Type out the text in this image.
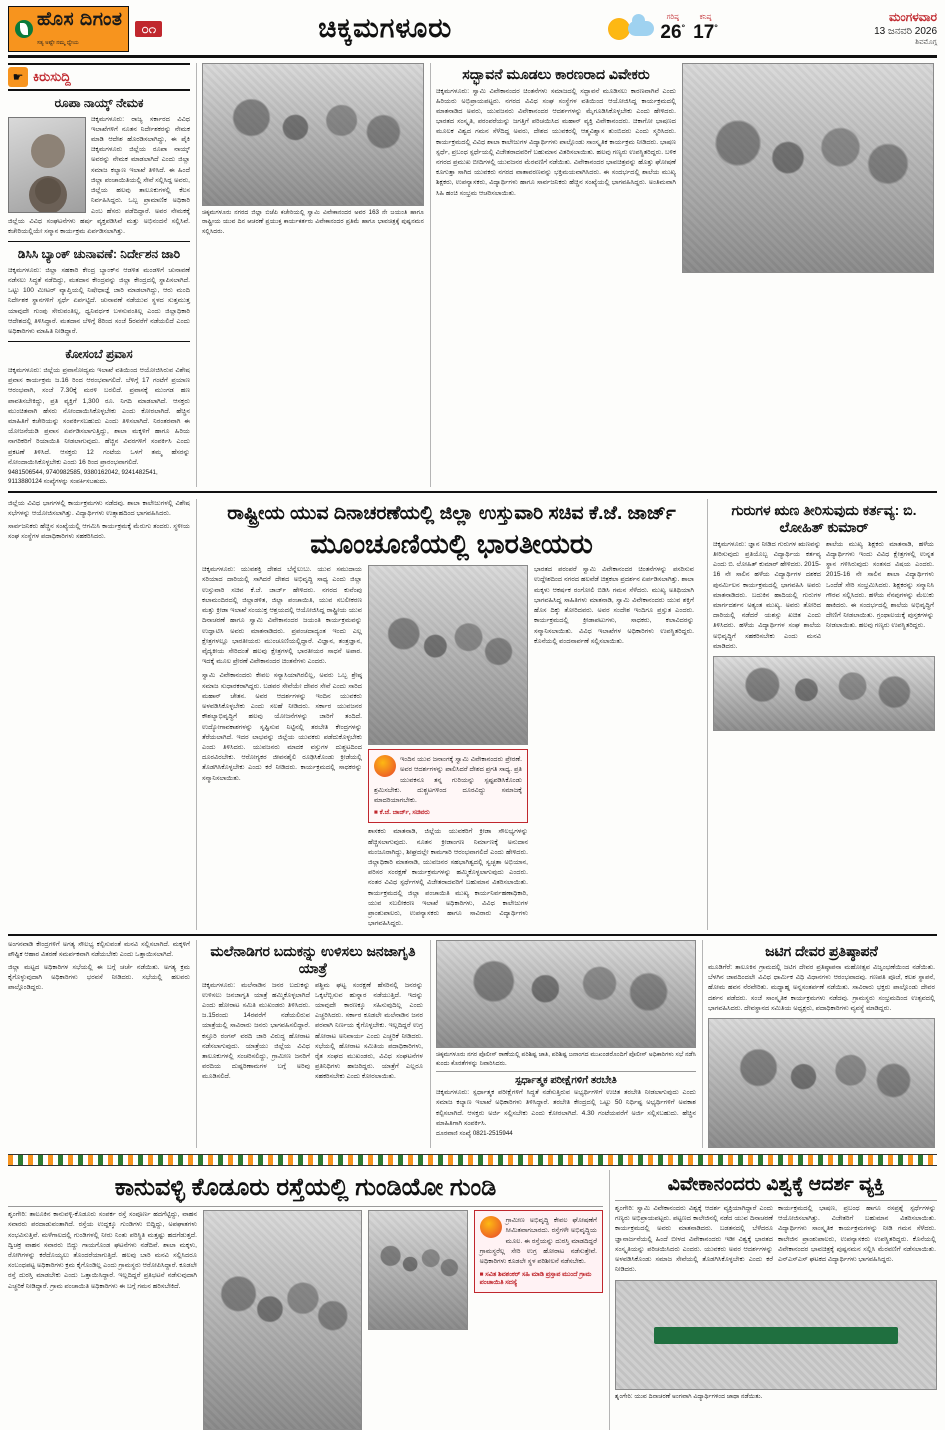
ಹೊಸ ದಿಗಂತ
ಸತ್ಯ ಅಷ್ಟೇ ನಮ್ಮ ಧ್ಯೇಯ
೦೧	ಚಿಕ್ಕಮಗಳೂರು	ಗರಿಷ್ಠ
26°
ಕನಿಷ್ಠ
17°
ಮಂಗಳವಾರ
13 ಜನವರಿ 2026
ಶಿವಮೊಗ್ಗ
☛ ಕಿರುಸುದ್ದಿ
ರೂಪಾ ನಾಯ್ಕ್ ನೇಮಕ
ಚಿಕ್ಕಮಗಳೂರು: ರಾಜ್ಯ ಸರ್ಕಾರದ ವಿವಿಧ ಇಲಾಖೆಗಳಿಗೆ ನೂತನ ನಿರ್ದೇಶಕರನ್ನು ನೇಮಕ ಮಾಡಿ ಆದೇಶ ಹೊರಡಿಸಲಾಗಿದ್ದು, ಈ ಪೈಕಿ ಚಿಕ್ಕಮಗಳೂರು ಜಿಲ್ಲೆಯ ರೂಪಾ ನಾಯ್ಕ್ ಅವರನ್ನು ನೇಮಕ ಮಾಡಲಾಗಿದೆ ಎಂದು ಜಿಲ್ಲಾ ಸಮಾಜ ಕಲ್ಯಾಣ ಇಲಾಖೆ ತಿಳಿಸಿದೆ. ಈ ಹಿಂದೆ ಜಿಲ್ಲಾ ಪಂಚಾಯಿತಿಯಲ್ಲಿ ಸೇವೆ ಸಲ್ಲಿಸಿದ್ದ ಅವರು, ಜಿಲ್ಲೆಯ ಹಲವು ತಾಲೂಕುಗಳಲ್ಲಿ ಕೆಲಸ ನಿರ್ವಹಿಸಿದ್ದರು. ಒಬ್ಬ ಪ್ರಾಮಾಣಿಕ ಅಧಿಕಾರಿ ಎಂಬ ಹೆಸರು ಪಡೆದಿದ್ದಾರೆ. ಅವರ ನೇಮಕಕ್ಕೆ ಜಿಲ್ಲೆಯ ವಿವಿಧ ಸಂಘಟನೆಗಳು ಹರ್ಷ ವ್ಯಕ್ತಪಡಿಸಿವೆ ಮತ್ತು ಅಭಿನಂದನೆ ಸಲ್ಲಿಸಿವೆ. ಕಚೇರಿಯಲ್ಲಿಯೇ ಸನ್ಮಾನ ಕಾರ್ಯಕ್ರಮ ಏರ್ಪಡಿಸಲಾಗಿತ್ತು.
ಡಿಸಿಸಿ ಬ್ಯಾಂಕ್ ಚುನಾವಣೆ: ನಿರ್ದೇಶನ ಜಾರಿ
ಚಿಕ್ಕಮಗಳೂರು: ಜಿಲ್ಲಾ ಸಹಕಾರಿ ಕೇಂದ್ರ ಬ್ಯಾಂಕ್‌ನ ಆಡಳಿತ ಮಂಡಳಿಗೆ ಚುನಾವಣೆ ನಡೆಸಲು ಸಿದ್ಧತೆ ನಡೆದಿದ್ದು, ಮತದಾನ ಕೇಂದ್ರವನ್ನು ಜಿಲ್ಲಾ ಕೇಂದ್ರದಲ್ಲಿ ಸ್ಥಾಪಿಸಲಾಗಿದೆ. ಒಟ್ಟು 100 ಮೀಟರ್ ವ್ಯಾಪ್ತಿಯಲ್ಲಿ ನಿಷೇಧಾಜ್ಞೆ ಜಾರಿ ಮಾಡಲಾಗಿದ್ದು, ಆರು ಮಂದಿ ನಿರ್ದೇಶಕ ಸ್ಥಾನಗಳಿಗೆ ಸ್ಪರ್ಧೆ ಏರ್ಪಟ್ಟಿದೆ. ಚುನಾವಣೆ ನಡೆಯುವ ಸ್ಥಳದ ಸುತ್ತಮುತ್ತ ಯಾವುದೇ ಗುಂಪು ಸೇರುವಂತಿಲ್ಲ, ಧ್ವನಿವರ್ಧಕ ಬಳಸುವಂತಿಲ್ಲ ಎಂದು ಜಿಲ್ಲಾಧಿಕಾರಿ ಆದೇಶದಲ್ಲಿ ತಿಳಿಸಿದ್ದಾರೆ. ಮತದಾನ ಬೆಳಿಗ್ಗೆ 8ರಿಂದ ಸಂಜೆ 5ರವರೆಗೆ ನಡೆಯಲಿದೆ ಎಂದು ಅಧಿಕಾರಿಗಳು ಮಾಹಿತಿ ನೀಡಿದ್ದಾರೆ.
ಕೋಸಂಬೆ ಪ್ರವಾಸ
ಚಿಕ್ಕಮಗಳೂರು: ಜಿಲ್ಲೆಯ ಪ್ರವಾಸೋದ್ಯಮ ಇಲಾಖೆ ವತಿಯಿಂದ ಆಯೋಜಿಸಿರುವ ವಿಶೇಷ ಪ್ರವಾಸ ಕಾರ್ಯಕ್ರಮ ಜ.16 ರಿಂದ ಆರಂಭವಾಗಲಿದೆ. ಬೆಳಿಗ್ಗೆ 17 ಗಂಟೆಗೆ ಪ್ರಯಾಣ ಆರಂಭವಾಗಿ, ಸಂಜೆ 7.30ಕ್ಕೆ ಮರಳಿ ಬರಲಿದೆ. ಪ್ರವಾಸಕ್ಕೆ ಮುಂಗಡ ಹಣ ಪಾವತಿಸಬೇಕಿದ್ದು, ಪ್ರತಿ ವ್ಯಕ್ತಿಗೆ 1,300 ರೂ. ನಿಗದಿ ಮಾಡಲಾಗಿದೆ. ಆಸಕ್ತರು ಮುಂಚಿತವಾಗಿ ಹೆಸರು ನೋಂದಾಯಿಸಿಕೊಳ್ಳಬೇಕು ಎಂದು ಕೋರಲಾಗಿದೆ. ಹೆಚ್ಚಿನ ಮಾಹಿತಿಗೆ ಕಚೇರಿಯನ್ನು ಸಂಪರ್ಕಿಸಬಹುದು ಎಂದು ತಿಳಿಸಲಾಗಿದೆ. ನಿರಂತರವಾಗಿ ಈ ಯೋಜನೆಯಡಿ ಪ್ರವಾಸ ಏರ್ಪಡಿಸಲಾಗುತ್ತಿದ್ದು, ಶಾಲಾ ಮಕ್ಕಳಿಗೆ ಹಾಗೂ ಹಿರಿಯ ನಾಗರಿಕರಿಗೆ ರಿಯಾಯಿತಿ ನೀಡಲಾಗುವುದು. ಹೆಚ್ಚಿನ ವಿವರಗಳಿಗೆ ಸಂಪರ್ಕಿಸಿ ಎಂದು ಪ್ರಕಟಣೆ ತಿಳಿಸಿದೆ. ಆಸಕ್ತರು 12 ಗಂಟೆಯ ಒಳಗೆ ತಮ್ಮ ಹೆಸರನ್ನು ನೋಂದಾಯಿಸಿಕೊಳ್ಳಬೇಕು ಎಂದು 16 ರಿಂದ ಪ್ರಾರಂಭವಾಗಲಿದೆ.
9481506544, 9740982585, 9380162042, 9241482541, 9113880124 ಸಂಖ್ಯೆಗಳನ್ನು ಸಂಪರ್ಕಿಸಬಹುದು.
ಚಿಕ್ಕಮಗಳೂರು ನಗರದ ಜಿಲ್ಲಾ ಬಿಜೆಪಿ ಕಚೇರಿಯಲ್ಲಿ ಸ್ವಾಮಿ ವಿವೇಕಾನಂದರ ಅವರ 163 ನೇ ಜಯಂತಿ ಹಾಗೂ ರಾಷ್ಟ್ರೀಯ ಯುವ ದಿನ ಆಚರಣೆ ಪ್ರಯುಕ್ತ ಕಾರ್ಯಕರ್ತರು ವಿವೇಕಾನಂದರ ಪ್ರತಿಮೆ ಹಾಗೂ ಭಾವಚಿತ್ರಕ್ಕೆ ಪುಷ್ಪನಮನ ಸಲ್ಲಿಸಿದರು.
ಸದ್ಭಾವನೆ ಮೂಡಲು ಕಾರಣರಾದ ವಿವೇಕರು
ಚಿಕ್ಕಮಗಳೂರು: ಸ್ವಾಮಿ ವಿವೇಕಾನಂದರ ಚಿಂತನೆಗಳು ಸಮಾಜದಲ್ಲಿ ಸದ್ಭಾವನೆ ಮೂಡಿಸಲು ಕಾರಣವಾಗಿವೆ ಎಂದು ಹಿರಿಯರು ಅಭಿಪ್ರಾಯಪಟ್ಟರು. ನಗರದ ವಿವಿಧ ಸಂಘ ಸಂಸ್ಥೆಗಳ ವತಿಯಿಂದ ಆಯೋಜಿಸಿದ್ದ ಕಾರ್ಯಕ್ರಮದಲ್ಲಿ ಮಾತನಾಡಿದ ಅವರು, ಯುವಜನರು ವಿವೇಕಾನಂದರ ಆದರ್ಶಗಳನ್ನು ಮೈಗೂಡಿಸಿಕೊಳ್ಳಬೇಕು ಎಂದು ಹೇಳಿದರು. ಭಾರತದ ಸಂಸ್ಕೃತಿ, ಪರಂಪರೆಯನ್ನು ಜಗತ್ತಿಗೆ ಪರಿಚಯಿಸಿದ ಮಹಾನ್ ವ್ಯಕ್ತಿ ವಿವೇಕಾನಂದರು. ಚಿಕಾಗೋ ಭಾಷಣದ ಮೂಲಕ ವಿಶ್ವದ ಗಮನ ಸೆಳೆದಿದ್ದ ಅವರು, ದೇಶದ ಯುವಕರಲ್ಲಿ ಆತ್ಮವಿಶ್ವಾಸ ತುಂಬಿದರು ಎಂದು ಸ್ಮರಿಸಿದರು. ಕಾರ್ಯಕ್ರಮದಲ್ಲಿ ವಿವಿಧ ಶಾಲಾ ಕಾಲೇಜುಗಳ ವಿದ್ಯಾರ್ಥಿಗಳು ಪಾಲ್ಗೊಂಡು ಸಾಂಸ್ಕೃತಿಕ ಕಾರ್ಯಕ್ರಮ ನೀಡಿದರು. ಭಾಷಣ ಸ್ಪರ್ಧೆ, ಪ್ರಬಂಧ ಸ್ಪರ್ಧೆಯಲ್ಲಿ ವಿಜೇತರಾದವರಿಗೆ ಬಹುಮಾನ ವಿತರಿಸಲಾಯಿತು. ಹಲವು ಗಣ್ಯರು ಉಪಸ್ಥಿತರಿದ್ದರು. ಬಳಿಕ ನಗರದ ಪ್ರಮುಖ ಬೀದಿಗಳಲ್ಲಿ ಯುವಜನರ ಮೆರವಣಿಗೆ ನಡೆಯಿತು. ವಿವೇಕಾನಂದರ ಭಾವಚಿತ್ರವನ್ನು ಹೊತ್ತು ಘೋಷಣೆ ಕೂಗುತ್ತಾ ಸಾಗಿದ ಯುವಕರು ನಗರದ ವಾತಾವರಣವನ್ನು ಭಕ್ತಿಮಯವಾಗಿಸಿದರು. ಈ ಸಂದರ್ಭದಲ್ಲಿ ಶಾಲೆಯ ಮುಖ್ಯ ಶಿಕ್ಷಕರು, ಉಪನ್ಯಾಸಕರು, ವಿದ್ಯಾರ್ಥಿಗಳು ಹಾಗೂ ಸಾರ್ವಜನಿಕರು ಹೆಚ್ಚಿನ ಸಂಖ್ಯೆಯಲ್ಲಿ ಭಾಗವಹಿಸಿದ್ದರು. ಅಂತಿಮವಾಗಿ ಸಿಹಿ ಹಂಚಿ ಸಂಭ್ರಮ ಆಚರಿಸಲಾಯಿತು.

ಜಿಲ್ಲೆಯ ವಿವಿಧ ಭಾಗಗಳಲ್ಲಿ ಕಾರ್ಯಕ್ರಮಗಳು ನಡೆದವು. ಶಾಲಾ ಕಾಲೇಜುಗಳಲ್ಲಿ ವಿಶೇಷ ಸಭೆಗಳನ್ನು ಆಯೋಜಿಸಲಾಗಿತ್ತು. ವಿದ್ಯಾರ್ಥಿಗಳು ಉತ್ಸಾಹದಿಂದ ಭಾಗವಹಿಸಿದರು.

ಸಾರ್ವಜನಿಕರು ಹೆಚ್ಚಿನ ಸಂಖ್ಯೆಯಲ್ಲಿ ಆಗಮಿಸಿ ಕಾರ್ಯಕ್ರಮಕ್ಕೆ ಮೆರುಗು ತಂದರು. ಸ್ಥಳೀಯ ಸಂಘ ಸಂಸ್ಥೆಗಳ ಪದಾಧಿಕಾರಿಗಳು ಸಹಕರಿಸಿದರು.

ರಾಷ್ಟ್ರೀಯ ಯುವ ದಿನಾಚರಣೆಯಲ್ಲಿ ಜಿಲ್ಲಾ ಉಸ್ತುವಾರಿ ಸಚಿವ ಕೆ.ಜೆ. ಜಾರ್ಜ್
ಮೂಂಚೂಣಿಯಲ್ಲಿ ಭಾರತೀಯರು
ಚಿಕ್ಕಮಗಳೂರು: ಯುವಶಕ್ತಿ ದೇಶದ ಬೆನ್ನೆಲುಬು. ಯುವ ಸಮುದಾಯ ಸರಿಯಾದ ದಾರಿಯಲ್ಲಿ ಸಾಗಿದರೆ ದೇಶದ ಅಭಿವೃದ್ಧಿ ಸಾಧ್ಯ ಎಂದು ಜಿಲ್ಲಾ ಉಸ್ತುವಾರಿ ಸಚಿವ ಕೆ.ಜೆ. ಜಾರ್ಜ್ ಹೇಳಿದರು. ನಗರದ ಕುವೆಂಪು ಕಲಾಮಂದಿರದಲ್ಲಿ ಜಿಲ್ಲಾಡಳಿತ, ಜಿಲ್ಲಾ ಪಂಚಾಯಿತಿ, ಯುವ ಸಬಲೀಕರಣ ಮತ್ತು ಕ್ರೀಡಾ ಇಲಾಖೆ ಸಂಯುಕ್ತ ಆಶ್ರಯದಲ್ಲಿ ಆಯೋಜಿಸಿದ್ದ ರಾಷ್ಟ್ರೀಯ ಯುವ ದಿನಾಚರಣೆ ಹಾಗೂ ಸ್ವಾಮಿ ವಿವೇಕಾನಂದರ ಜಯಂತಿ ಕಾರ್ಯಕ್ರಮವನ್ನು ಉದ್ಘಾಟಿಸಿ ಅವರು ಮಾತನಾಡಿದರು. ಪ್ರಪಂಚದಾದ್ಯಂತ ಇಂದು ಎಲ್ಲ ಕ್ಷೇತ್ರಗಳಲ್ಲೂ ಭಾರತೀಯರು ಮುಂಚೂಣಿಯಲ್ಲಿದ್ದಾರೆ. ವಿಜ್ಞಾನ, ತಂತ್ರಜ್ಞಾನ, ವೈದ್ಯಕೀಯ ಸೇರಿದಂತೆ ಹಲವು ಕ್ಷೇತ್ರಗಳಲ್ಲಿ ಭಾರತೀಯರ ಸಾಧನೆ ಅಪಾರ. ಇದಕ್ಕೆ ಮೂಲ ಪ್ರೇರಣೆ ವಿವೇಕಾನಂದರ ಚಿಂತನೆಗಳು ಎಂದರು.
ಸ್ವಾಮಿ ವಿವೇಕಾನಂದರು ಕೇವಲ ಸನ್ಯಾಸಿಯಾಗಿರಲಿಲ್ಲ, ಅವರು ಒಬ್ಬ ಶ್ರೇಷ್ಠ ಸಮಾಜ ಸುಧಾರಕರಾಗಿದ್ದರು. ಬಡವರ ಸೇವೆಯೇ ದೇವರ ಸೇವೆ ಎಂದು ಸಾರಿದ ಮಹಾನ್ ಚೇತನ. ಅವರ ಆದರ್ಶಗಳನ್ನು ಇಂದಿನ ಯುವಕರು ಅಳವಡಿಸಿಕೊಳ್ಳಬೇಕು ಎಂದು ಸಲಹೆ ನೀಡಿದರು. ಸರ್ಕಾರ ಯುವಜನರ ಕೌಶಲ್ಯಾಭಿವೃದ್ಧಿಗೆ ಹಲವು ಯೋಜನೆಗಳನ್ನು ಜಾರಿಗೆ ತಂದಿದೆ. ಉದ್ಯೋಗಾವಕಾಶಗಳನ್ನು ಸೃಷ್ಟಿಸುವ ನಿಟ್ಟಿನಲ್ಲಿ ತರಬೇತಿ ಕೇಂದ್ರಗಳನ್ನು ತೆರೆಯಲಾಗಿದೆ. ಇದರ ಲಾಭವನ್ನು ಜಿಲ್ಲೆಯ ಯುವಕರು ಪಡೆದುಕೊಳ್ಳಬೇಕು ಎಂದು ತಿಳಿಸಿದರು. ಯುವಜನರು ಮಾದಕ ವಸ್ತುಗಳ ದುಶ್ಚಟದಿಂದ ದೂರವಿರಬೇಕು. ಆರೋಗ್ಯಕರ ಜೀವನಶೈಲಿ ರೂಢಿಸಿಕೊಂಡು ಕ್ರೀಡೆಯಲ್ಲಿ ತೊಡಗಿಸಿಕೊಳ್ಳಬೇಕು ಎಂದು ಕರೆ ನೀಡಿದರು. ಕಾರ್ಯಕ್ರಮದಲ್ಲಿ ಸಾಧಕರನ್ನು ಸನ್ಮಾನಿಸಲಾಯಿತು.
ಇಂದಿನ ಯುವ ಜನಾಂಗಕ್ಕೆ ಸ್ವಾಮಿ ವಿವೇಕಾನಂದರು ಪ್ರೇರಣೆ. ಅವರ ಆದರ್ಶಗಳನ್ನು ಪಾಲಿಸಿದರೆ ದೇಶದ ಪ್ರಗತಿ ಸಾಧ್ಯ. ಪ್ರತಿ ಯುವಕನೂ ತನ್ನ ಗುರಿಯನ್ನು ಸ್ಪಷ್ಟಪಡಿಸಿಕೊಂಡು ಶ್ರಮಿಸಬೇಕು. ದುಶ್ಚಟಗಳಿಂದ ದೂರವಿದ್ದು ಸಮಾಜಕ್ಕೆ ಮಾದರಿಯಾಗಬೇಕು.
■ ಕೆ.ಜೆ. ಜಾರ್ಜ್, ಸಚಿವರು
ಶಾಸಕರು ಮಾತನಾಡಿ, ಜಿಲ್ಲೆಯ ಯುವಕರಿಗೆ ಕ್ರೀಡಾ ಸೌಲಭ್ಯಗಳನ್ನು ಹೆಚ್ಚಿಸಲಾಗುವುದು. ನೂತನ ಕ್ರೀಡಾಂಗಣ ನಿರ್ಮಾಣಕ್ಕೆ ಅನುದಾನ ಮಂಜೂರಾಗಿದ್ದು, ಶೀಘ್ರದಲ್ಲೇ ಕಾಮಗಾರಿ ಆರಂಭವಾಗಲಿದೆ ಎಂದು ಹೇಳಿದರು. ಜಿಲ್ಲಾಧಿಕಾರಿ ಮಾತನಾಡಿ, ಯುವಜನರ ಸಹಭಾಗಿತ್ವದಲ್ಲಿ ಸ್ವಚ್ಛತಾ ಅಭಿಯಾನ, ಪರಿಸರ ಸಂರಕ್ಷಣೆ ಕಾರ್ಯಕ್ರಮಗಳನ್ನು ಹಮ್ಮಿಕೊಳ್ಳಲಾಗುವುದು ಎಂದರು. ನಂತರ ವಿವಿಧ ಸ್ಪರ್ಧೆಗಳಲ್ಲಿ ವಿಜೇತರಾದವರಿಗೆ ಬಹುಮಾನ ವಿತರಿಸಲಾಯಿತು. ಕಾರ್ಯಕ್ರಮದಲ್ಲಿ ಜಿಲ್ಲಾ ಪಂಚಾಯಿತಿ ಮುಖ್ಯ ಕಾರ್ಯನಿರ್ವಹಣಾಧಿಕಾರಿ, ಯುವ ಸಬಲೀಕರಣ ಇಲಾಖೆ ಅಧಿಕಾರಿಗಳು, ವಿವಿಧ ಕಾಲೇಜುಗಳ ಪ್ರಾಂಶುಪಾಲರು, ಉಪನ್ಯಾಸಕರು ಹಾಗೂ ಸಾವಿರಾರು ವಿದ್ಯಾರ್ಥಿಗಳು ಭಾಗವಹಿಸಿದ್ದರು.
ಭಾರತದ ಪರಂಪರೆ ಸ್ವಾಮಿ ವಿವೇಕಾನಂದರ ಚಿಂತನೆಗಳನ್ನು ಪಸರಿಸುವ ಉದ್ದೇಶದಿಂದ ನಗರದ ಹಲವೆಡೆ ಚಿತ್ರಕಲಾ ಪ್ರದರ್ಶನ ಏರ್ಪಡಿಸಲಾಗಿತ್ತು. ಶಾಲಾ ಮಕ್ಕಳು ಆಕರ್ಷಕ ರಂಗೋಲಿ ಬಿಡಿಸಿ ಗಮನ ಸೆಳೆದರು. ಮುಖ್ಯ ಅತಿಥಿಯಾಗಿ ಭಾಗವಹಿಸಿದ್ದ ಸಾಹಿತಿಗಳು ಮಾತನಾಡಿ, ಸ್ವಾಮಿ ವಿವೇಕಾನಂದರು ಯುವ ಶಕ್ತಿಗೆ ಹೊಸ ದಿಕ್ಕು ತೋರಿದವರು. ಅವರ ಸಂದೇಶ ಇಂದಿಗೂ ಪ್ರಸ್ತುತ ಎಂದರು. ಕಾರ್ಯಕ್ರಮದಲ್ಲಿ ಕ್ರೀಡಾಪಟುಗಳು, ಸಾಧಕರು, ಕಲಾವಿದರನ್ನು ಸನ್ಮಾನಿಸಲಾಯಿತು. ವಿವಿಧ ಇಲಾಖೆಗಳ ಅಧಿಕಾರಿಗಳು ಉಪಸ್ಥಿತರಿದ್ದರು. ಕೊನೆಯಲ್ಲಿ ವಂದನಾರ್ಪಣೆ ಸಲ್ಲಿಸಲಾಯಿತು.
ಗುರುಗಳ ಋಣ ತೀರಿಸುವುದು ಕರ್ತವ್ಯ: ಬಿ. ಲೋಹಿತ್ ಕುಮಾರ್
ಚಿಕ್ಕಮಗಳೂರು: ಜ್ಞಾನ ನೀಡಿದ ಗುರುಗಳ ಋಣವನ್ನು ತೀರಿಸುವುದು ಪ್ರತಿಯೊಬ್ಬ ವಿದ್ಯಾರ್ಥಿಯ ಕರ್ತವ್ಯ ಎಂದು ಬಿ. ಲೋಹಿತ್ ಕುಮಾರ್ ಹೇಳಿದರು. 2015-16 ನೇ ಸಾಲಿನ ಹಳೆಯ ವಿದ್ಯಾರ್ಥಿಗಳ ದಶಕದ ಪುನರ್ಮಿಲನ ಕಾರ್ಯಕ್ರಮದಲ್ಲಿ ಭಾಗವಹಿಸಿ ಅವರು ಮಾತನಾಡಿದರು. ಬದುಕಿನ ಹಾದಿಯಲ್ಲಿ ಗುರುಗಳ ಮಾರ್ಗದರ್ಶನ ಅತ್ಯಂತ ಮುಖ್ಯ. ಅವರು ತೋರಿದ ದಾರಿಯಲ್ಲಿ ನಡೆದರೆ ಯಶಸ್ಸು ಖಚಿತ ಎಂದು ತಿಳಿಸಿದರು. ಹಳೆಯ ವಿದ್ಯಾರ್ಥಿಗಳ ಸಂಘ ಶಾಲೆಯ ಅಭಿವೃದ್ಧಿಗೆ ಸಹಕರಿಸಬೇಕು ಎಂದು ಮನವಿ ಮಾಡಿದರು.
ಶಾಲೆಯ ಮುಖ್ಯ ಶಿಕ್ಷಕರು ಮಾತನಾಡಿ, ಹಳೆಯ ವಿದ್ಯಾರ್ಥಿಗಳು ಇಂದು ವಿವಿಧ ಕ್ಷೇತ್ರಗಳಲ್ಲಿ ಉನ್ನತ ಸ್ಥಾನ ಗಳಿಸಿರುವುದು ಸಂತಸದ ವಿಷಯ ಎಂದರು. 2015-16 ನೇ ಸಾಲಿನ ಶಾಲಾ ವಿದ್ಯಾರ್ಥಿಗಳು ಒಂದೆಡೆ ಸೇರಿ ಸಂಭ್ರಮಿಸಿದರು. ಶಿಕ್ಷಕರನ್ನು ಸನ್ಮಾನಿಸಿ ಗೌರವ ಸಲ್ಲಿಸಿದರು. ಹಳೆಯ ನೆನಪುಗಳನ್ನು ಮೆಲುಕು ಹಾಕಿದರು. ಈ ಸಂದರ್ಭದಲ್ಲಿ ಶಾಲೆಯ ಅಭಿವೃದ್ಧಿಗೆ ದೇಣಿಗೆ ನೀಡಲಾಯಿತು. ಗ್ರಂಥಾಲಯಕ್ಕೆ ಪುಸ್ತಕಗಳನ್ನು ನೀಡಲಾಯಿತು. ಹಲವು ಗಣ್ಯರು ಉಪಸ್ಥಿತರಿದ್ದರು.

ಅಂಗನವಾಡಿ ಕೇಂದ್ರಗಳಿಗೆ ಅಗತ್ಯ ಸೌಲಭ್ಯ ಕಲ್ಪಿಸುವಂತೆ ಮನವಿ ಸಲ್ಲಿಸಲಾಗಿದೆ. ಮಕ್ಕಳಿಗೆ ಪೌಷ್ಟಿಕ ಆಹಾರ ವಿತರಣೆ ಸಮರ್ಪಕವಾಗಿ ನಡೆಯಬೇಕು ಎಂದು ಒತ್ತಾಯಿಸಲಾಗಿದೆ.

ಜಿಲ್ಲಾ ಮಟ್ಟದ ಅಧಿಕಾರಿಗಳ ಸಭೆಯಲ್ಲಿ ಈ ಬಗ್ಗೆ ಚರ್ಚೆ ನಡೆಯಿತು. ಅಗತ್ಯ ಕ್ರಮ ಕೈಗೊಳ್ಳುವುದಾಗಿ ಅಧಿಕಾರಿಗಳು ಭರವಸೆ ನೀಡಿದರು. ಸಭೆಯಲ್ಲಿ ಹಲವರು ಪಾಲ್ಗೊಂಡಿದ್ದರು.

ಮಲೆನಾಡಿಗರ ಬದುಕನ್ನು ಉಳಿಸಲು ಜನಜಾಗೃತಿ ಯಾತ್ರೆ
ಚಿಕ್ಕಮಗಳೂರು: ಮಲೆನಾಡಿನ ಜನರ ಬದುಕನ್ನು ಉಳಿಸಲು ಜನಜಾಗೃತಿ ಯಾತ್ರೆ ಹಮ್ಮಿಕೊಳ್ಳಲಾಗಿದೆ ಎಂದು ಹೋರಾಟ ಸಮಿತಿ ಮುಖಂಡರು ತಿಳಿಸಿದರು. ಜ.15ರಂದು 14ರವರೆಗೆ ನಡೆಯಲಿರುವ ಯಾತ್ರೆಯಲ್ಲಿ ಸಾವಿರಾರು ಜನರು ಭಾಗವಹಿಸಲಿದ್ದಾರೆ. ಕಸ್ತೂರಿ ರಂಗನ್ ವರದಿ ಜಾರಿ ವಿರುದ್ಧ ಹೋರಾಟ ನಡೆಸಲಾಗುವುದು. ಯಾತ್ರೆಯು ಜಿಲ್ಲೆಯ ವಿವಿಧ ತಾಲೂಕುಗಳಲ್ಲಿ ಸಂಚರಿಸಲಿದ್ದು, ಗ್ರಾಮೀಣ ಜನರಿಗೆ ವರದಿಯ ದುಷ್ಪರಿಣಾಮಗಳ ಬಗ್ಗೆ ಅರಿವು ಮೂಡಿಸಲಿದೆ.
ಪಶ್ಚಿಮ ಘಟ್ಟ ಸಂರಕ್ಷಣೆ ಹೆಸರಿನಲ್ಲಿ ಜನರನ್ನು ಒಕ್ಕಲೆಬ್ಬಿಸುವ ಹುನ್ನಾರ ನಡೆಯುತ್ತಿದೆ. ಇದನ್ನು ಯಾವುದೇ ಕಾರಣಕ್ಕೂ ಸಹಿಸುವುದಿಲ್ಲ ಎಂದು ಎಚ್ಚರಿಸಿದರು. ಸರ್ಕಾರ ಕೂಡಲೇ ಮಲೆನಾಡಿನ ಜನರ ಪರವಾಗಿ ನಿರ್ಣಯ ಕೈಗೊಳ್ಳಬೇಕು. ಇಲ್ಲದಿದ್ದರೆ ಉಗ್ರ ಹೋರಾಟ ಅನಿವಾರ್ಯ ಎಂದು ಎಚ್ಚರಿಕೆ ನೀಡಿದರು. ಸಭೆಯಲ್ಲಿ ಹೋರಾಟ ಸಮಿತಿಯ ಪದಾಧಿಕಾರಿಗಳು, ರೈತ ಸಂಘದ ಮುಖಂಡರು, ವಿವಿಧ ಸಂಘಟನೆಗಳ ಪ್ರತಿನಿಧಿಗಳು ಹಾಜರಿದ್ದರು. ಯಾತ್ರೆಗೆ ಎಲ್ಲರೂ ಸಹಕರಿಸಬೇಕು ಎಂದು ಕೋರಲಾಯಿತು.
ಚಿಕ್ಕಮಗಳೂರು ನಗರ ಪೊಲೀಸ್ ಠಾಣೆಯಲ್ಲಿ ಪರಿಶಿಷ್ಟ ಜಾತಿ, ಪರಿಶಿಷ್ಟ ಜನಾಂಗದ ಮುಖಂಡರೊಂದಿಗೆ ಪೊಲೀಸ್ ಅಧಿಕಾರಿಗಳು ಸಭೆ ನಡೆಸಿ ಕುಂದು ಕೊರತೆಗಳನ್ನು ನಿವಾರಿಸಿದರು.
ಸ್ಪರ್ಧಾತ್ಮಕ ಪರೀಕ್ಷೆಗಳಿಗೆ ತರಬೇತಿ
ಚಿಕ್ಕಮಗಳೂರು: ಸ್ಪರ್ಧಾತ್ಮಕ ಪರೀಕ್ಷೆಗಳಿಗೆ ಸಿದ್ಧತೆ ನಡೆಸುತ್ತಿರುವ ಅಭ್ಯರ್ಥಿಗಳಿಗೆ ಉಚಿತ ತರಬೇತಿ ನೀಡಲಾಗುವುದು ಎಂದು ಸಮಾಜ ಕಲ್ಯಾಣ ಇಲಾಖೆ ಅಧಿಕಾರಿಗಳು ತಿಳಿಸಿದ್ದಾರೆ. ತರಬೇತಿ ಕೇಂದ್ರದಲ್ಲಿ ಒಟ್ಟು 50 ನಿರ್ಧಿಷ್ಟ ಅಭ್ಯರ್ಥಿಗಳಿಗೆ ಅವಕಾಶ ಕಲ್ಪಿಸಲಾಗಿದೆ. ಆಸಕ್ತರು ಅರ್ಜಿ ಸಲ್ಲಿಸಬೇಕು ಎಂದು ಕೋರಲಾಗಿದೆ. 4.30 ಗಂಟೆಯವರೆಗೆ ಅರ್ಜಿ ಸಲ್ಲಿಸಬಹುದು. ಹೆಚ್ಚಿನ ಮಾಹಿತಿಗಾಗಿ ಸಂಪರ್ಕಿಸಿ.
ದೂರವಾಣಿ ಸಂಖ್ಯೆ 0821-2515944
ಜಟಿಗ ದೇವರ ಪ್ರತಿಷ್ಠಾಪನೆ
ಮೂಡಿಗೆರೆ: ತಾಲೂಕಿನ ಗ್ರಾಮದಲ್ಲಿ ಜಟಿಗ ದೇವರ ಪ್ರತಿಷ್ಠಾಪನಾ ಮಹೋತ್ಸವ ವಿಜೃಂಭಣೆಯಿಂದ ನಡೆಯಿತು. ಬೆಳಗಿನ ಜಾವದಿಂದಲೇ ವಿವಿಧ ಧಾರ್ಮಿಕ ವಿಧಿ ವಿಧಾನಗಳು ಆರಂಭವಾದವು. ಗಣಪತಿ ಪೂಜೆ, ಕಲಶ ಸ್ಥಾಪನೆ, ಹೋಮ ಹವನ ನೆರವೇರಿತು. ಮಧ್ಯಾಹ್ನ ಅನ್ನಸಂತರ್ಪಣೆ ನಡೆಯಿತು. ಸಾವಿರಾರು ಭಕ್ತರು ಪಾಲ್ಗೊಂಡು ದೇವರ ದರ್ಶನ ಪಡೆದರು. ಸಂಜೆ ಸಾಂಸ್ಕೃತಿಕ ಕಾರ್ಯಕ್ರಮಗಳು ನಡೆದವು. ಗ್ರಾಮಸ್ಥರು ಸಂಭ್ರಮದಿಂದ ಉತ್ಸವದಲ್ಲಿ ಭಾಗವಹಿಸಿದರು. ದೇವಸ್ಥಾನದ ಸಮಿತಿಯ ಅಧ್ಯಕ್ಷರು, ಪದಾಧಿಕಾರಿಗಳು ವ್ಯವಸ್ಥೆ ಮಾಡಿದ್ದರು.
ಕಾನುವಳ್ಳಿ ಕೊಡೂರು ರಸ್ತೆಯಲ್ಲಿ ಗುಂಡಿಯೋ ಗುಂಡಿ
ಶೃಂಗೇರಿ: ತಾಲೂಕಿನ ಕಾನುವಳ್ಳಿ-ಕೊಡೂರು ಸಂಪರ್ಕ ರಸ್ತೆ ಸಂಪೂರ್ಣ ಹದಗೆಟ್ಟಿದ್ದು, ವಾಹನ ಸವಾರರು ಪರದಾಡುವಂತಾಗಿದೆ. ರಸ್ತೆಯ ಉದ್ದಕ್ಕೂ ಗುಂಡಿಗಳು ಬಿದ್ದಿದ್ದು, ಅಪಘಾತಗಳು ಸಂಭವಿಸುತ್ತಿವೆ. ಮಳೆಗಾಲದಲ್ಲಿ ಗುಂಡಿಗಳಲ್ಲಿ ನೀರು ನಿಂತು ಪರಿಸ್ಥಿತಿ ಮತ್ತಷ್ಟು ಹದಗೆಡುತ್ತದೆ. ದ್ವಿಚಕ್ರ ವಾಹನ ಸವಾರರು ಬಿದ್ದು ಗಾಯಗೊಂಡ ಘಟನೆಗಳು ನಡೆದಿವೆ. ಶಾಲಾ ಮಕ್ಕಳು, ರೋಗಿಗಳನ್ನು ಕರೆದೊಯ್ಯಲು ತೊಂದರೆಯಾಗುತ್ತಿದೆ. ಹಲವು ಬಾರಿ ಮನವಿ ಸಲ್ಲಿಸಿದರೂ ಸಂಬಂಧಪಟ್ಟ ಅಧಿಕಾರಿಗಳು ಕ್ರಮ ಕೈಗೊಂಡಿಲ್ಲ ಎಂದು ಗ್ರಾಮಸ್ಥರು ಆರೋಪಿಸಿದ್ದಾರೆ. ಕೂಡಲೇ ರಸ್ತೆ ದುರಸ್ತಿ ಮಾಡಬೇಕು ಎಂದು ಒತ್ತಾಯಿಸಿದ್ದಾರೆ. ಇಲ್ಲದಿದ್ದರೆ ಪ್ರತಿಭಟನೆ ನಡೆಸುವುದಾಗಿ ಎಚ್ಚರಿಕೆ ನೀಡಿದ್ದಾರೆ. ಗ್ರಾಮ ಪಂಚಾಯಿತಿ ಅಧಿಕಾರಿಗಳು ಈ ಬಗ್ಗೆ ಗಮನ ಹರಿಸಬೇಕಿದೆ.
ಗ್ರಾಮೀಣ ಅಭಿವೃದ್ಧಿ ಕೇವಲ ಘೋಷಣೆಗೆ ಸೀಮಿತವಾಗಬಾರದು. ರಸ್ತೆಗಳೇ ಅಭಿವೃದ್ಧಿಯ ಮೂಲ. ಈ ರಸ್ತೆಯನ್ನು ದುರಸ್ತಿ ಮಾಡದಿದ್ದರೆ ಗ್ರಾಮಸ್ಥರೆಲ್ಲ ಸೇರಿ ಉಗ್ರ ಹೋರಾಟ ನಡೆಸುತ್ತೇವೆ. ಅಧಿಕಾರಿಗಳು ಕೂಡಲೇ ಸ್ಥಳ ಪರಿಶೀಲನೆ ನಡೆಸಬೇಕು.
■ ಸವಿತ ಶಿವಶಂಕರ್ ಸಹಿ ಮಾಡಿ ಪ್ರಸ್ತಾಪ ಮುಂದೆ ಗ್ರಾಮ ಪಂಚಾಯಿತಿ ಸದಸ್ಯೆ
ವಿವೇಕಾನಂದರು ವಿಶ್ವಕ್ಕೆ ಆದರ್ಶ ವ್ಯಕ್ತಿ
ಶೃಂಗೇರಿ: ಸ್ವಾಮಿ ವಿವೇಕಾನಂದರು ವಿಶ್ವಕ್ಕೆ ಆದರ್ಶ ವ್ಯಕ್ತಿಯಾಗಿದ್ದಾರೆ ಎಂದು ಗಣ್ಯರು ಅಭಿಪ್ರಾಯಪಟ್ಟರು. ಪಟ್ಟಣದ ಕಾಲೇಜಿನಲ್ಲಿ ನಡೆದ ಯುವ ದಿನಾಚರಣೆ ಕಾರ್ಯಕ್ರಮದಲ್ಲಿ ಅವರು ಮಾತನಾಡಿದರು. ಬಡತನದಲ್ಲಿ ಬೆಳೆದರೂ ಜ್ಞಾನಾರ್ಜನೆಯಲ್ಲಿ ಹಿಂದೆ ಬೀಳದ ವಿವೇಕಾನಂದರು ಇಡೀ ವಿಶ್ವಕ್ಕೆ ಭಾರತದ ಸಂಸ್ಕೃತಿಯನ್ನು ಪರಿಚಯಿಸಿದರು ಎಂದರು. ಯುವಕರು ಅವರ ಆದರ್ಶಗಳನ್ನು ಅಳವಡಿಸಿಕೊಂಡು ಸಮಾಜ ಸೇವೆಯಲ್ಲಿ ತೊಡಗಿಸಿಕೊಳ್ಳಬೇಕು ಎಂದು ಕರೆ ನೀಡಿದರು.
ಕಾರ್ಯಕ್ರಮದಲ್ಲಿ ಭಾಷಣ, ಪ್ರಬಂಧ ಹಾಗೂ ರಸಪ್ರಶ್ನೆ ಸ್ಪರ್ಧೆಗಳನ್ನು ಆಯೋಜಿಸಲಾಗಿತ್ತು. ವಿಜೇತರಿಗೆ ಬಹುಮಾನ ವಿತರಿಸಲಾಯಿತು. ವಿದ್ಯಾರ್ಥಿಗಳು ಸಾಂಸ್ಕೃತಿಕ ಕಾರ್ಯಕ್ರಮಗಳನ್ನು ನೀಡಿ ಗಮನ ಸೆಳೆದರು. ಕಾಲೇಜಿನ ಪ್ರಾಂಶುಪಾಲರು, ಉಪನ್ಯಾಸಕರು ಉಪಸ್ಥಿತರಿದ್ದರು. ಕೊನೆಯಲ್ಲಿ ವಿವೇಕಾನಂದರ ಭಾವಚಿತ್ರಕ್ಕೆ ಪುಷ್ಪನಮನ ಸಲ್ಲಿಸಿ ಮೆರವಣಿಗೆ ನಡೆಸಲಾಯಿತು. ಎನ್‌ಎಸ್‌ಎಸ್ ಘಟಕದ ವಿದ್ಯಾರ್ಥಿಗಳು ಭಾಗವಹಿಸಿದ್ದರು.
ಶೃಂಗೇರಿ: ಯುವ ದಿನಾಚರಣೆ ಅಂಗವಾಗಿ ವಿದ್ಯಾರ್ಥಿಗಳಿಂದ ಜಾಥಾ ನಡೆಯಿತು.
